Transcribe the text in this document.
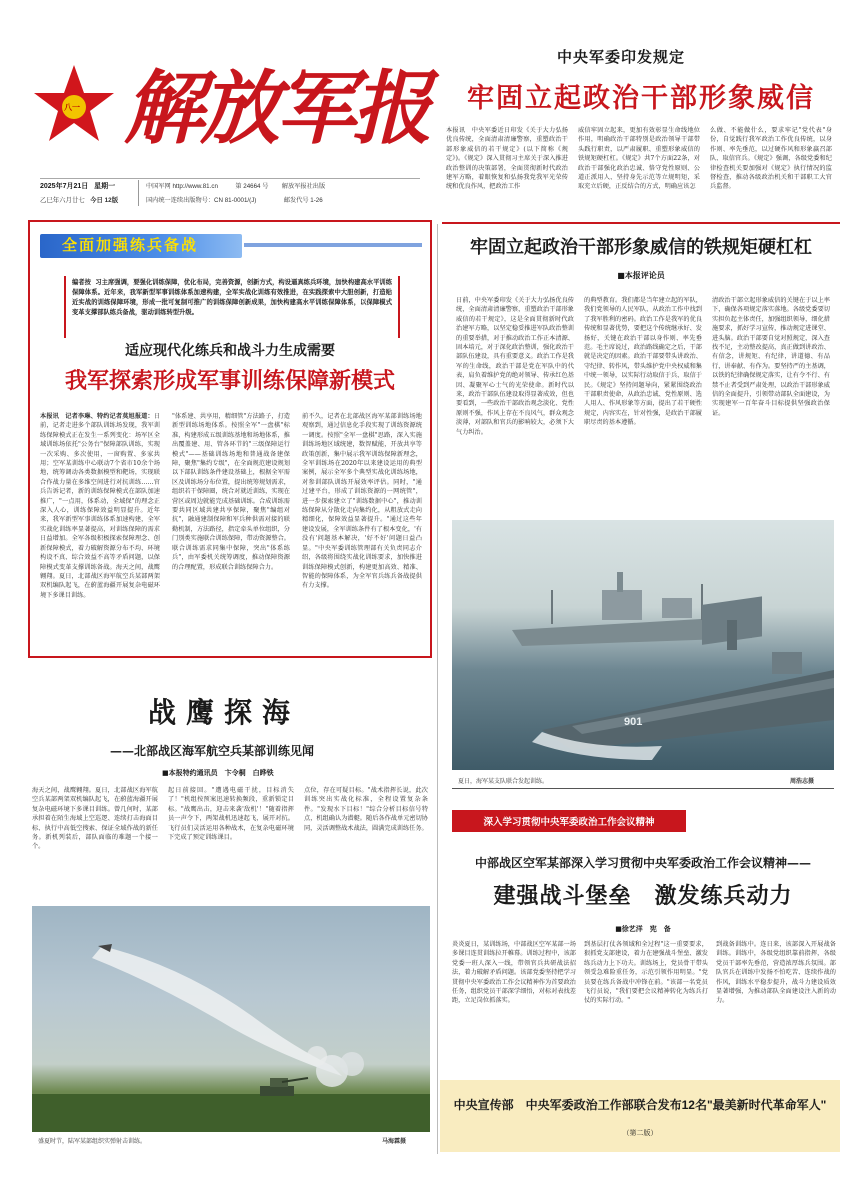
八一 解放军报
2025年7月21日 星期一
乙巳年六月廿七 今日 12版
中国军网 http://www.81.cn	第 24664 号 解放军报社出版
国内统一连续出版物号：CN 81-0001/(J)	邮发代号 1-26
中央军委印发规定
牢固立起政治干部形象威信
本报讯　中央军委近日印发《关于大力弘扬优良传统，全面清肃清廉警察，重塑政治干部形象威信的若干规定》(以下简称《规定》)。《规定》深入贯彻习主席关于深入推进政治整训的决策部署，全面贯彻新时代政治建军方略，着眼恢复和弘扬我党我军光荣传统和优良作风，把政治工作
威信牢固立起来，更加有效彰显生命线地位作用，明确政治干部特别是政治领导干部带头践行职责，以严肃履职、重塑形象威信的铁规矩硬杠杠。《规定》共7个方面22条，对政治干部强化政治忠诚、恪守党性原则、公道正派用人、坚持身先示范等立规明矩，采取充立后硬，正反结合的方式，明确应该怎
么做、不能做什么，要求牢记"党代表"身份，自觉践行我军政治工作优良传统，以身作则、率先垂范，以过硬作风和形象赢召部队、取信官兵。《规定》强调，各级党委和纪律检查机关要加强对《规定》执行情况的监督检查，推动各级政治机关和干部职工大官兵监督。
全面加强练兵备战
编者按 习主席强调，要强化训练保障，优化布局，完善资源，创新方式，构设逼真练兵环境，加快构建高水平训练保障体系。近年来，我军新型军事训练体系加速构建，全军实战化训练有效推进，在实践探索中大胆创新，打造贴近实战的训练保障环境，形成一批可复制可推广的训练保障创新成果，加快构建高水平训练保障体系，以保障模式变革支撑部队练兵备战，驱动训练转型升级。
适应现代化练兵和战斗力生成需要
我军探索形成军事训练保障新模式
本报讯　记者李琳、特约记者莫旭报道：日前，记者走进多个部队训练场发现，我军训练保障模式正在发生一系列变化：场军区全域训练场依托"公务台"保障部队训练，实现一次采购、多次使用，一窗购置、多家共用；空军某训练中心联动7个省市10余个场地，统筹调动各类数据模型和靶场，实现联合作战力量在多维空间进行对抗训练……官兵告诉记者，新的训练保障模式在部队加速推广，"一点用，体系动，全域保"的理念正深入人心，训练保障效益明显提升。近年来，我军新型军事训练体系加速构建，全军实战化训练率显著提高，对训练保障的需求日益增加。全军各级积极探索保障理念、创新保障模式，着力破解资源分布不均、环境构设不真、综合效益不高等矛盾问题，以保障模式变革支撑训练备战。海天之间，战鹰翱翔。夏日，北部战区海军航空兵某部两架双机编队起飞，在蔚蓝海疆开展复杂电磁环境下多课目训练。
"体系建、共享用，精细管"方法路子，打造新型训练场地体系。按照全军"一盘棋"标准，构建形成五级训练基地和场地体系，推出覆盖建、用、管各环节的"三级保障运行模式"——基础训练场地和普通战备建保障，聚焦"集约专级"，在全面规范建设规划以下部队训练条件建设基础上，根据全军需区及训练场分布位置，提出统筹规划需求，组织若干保障圈，统合对就近训练，实现在营区或周边就能完成基础训练。合成训练需要共同区域共建共享保障，聚焦"编组对抗"，融通建制保障和军兵种供需对接的联勤机制，方法路径，指定牵头单位组织，分门别类实施联合训练保障，带动资源整合。联合训练需求同集中保障，突出"体系练兵"，由军委机关统筹调度，推动保障资源的合理配置，形成联合训练保障合力。
前不久，记者在北部战区海军某部训练场地观察到，通过信息化手段实现了训练资源统一调度。按照"全军一盘棋"思路，深入实施训练场地区域统建，数智赋能，开放共享等政策创新，集中展示我军训练保障新理念，全军训练场在2020年以来建设运用的典型案例，展示全军多个典型实战化训练场地，对参训部队训练开展效率评估。同时，"通过建平台，形成了训练资源的一网统管"，进一步探索建立了"训练数据中心"，推动训练保障从分散化走向集约化，从粗放式走向精细化，保障效益显著提升。"通过这些年建设发展，全军训练条件有了根本变化，'有没有'问题基本解决，'好不好'问题日益凸显。"中央军委训练管理部有关负责同志介绍，各级将围绕实战化训练要求，加快推进训练保障模式创新，构建更加高效、精准、智能的保障体系，为全军官兵练兵备战提供有力支撑。
牢固立起政治干部形象威信的铁规矩硬杠杠
■本报评论员
日前，中央军委印发《关于大力弘扬优良传统，全面清肃清廉警察，重塑政治干部形象威信的若干规定》，这是全面贯彻新时代政治建军方略，以坚定稳妥推进军队政治整训的重要举措，对于推动政治工作正本清源、固本培元，对于深化政治整训，强化政治干部队伍建设，具有重要意义。政治工作是我军的生命线，政治干部是党在军队中的代表，肩负着维护党的绝对领导、传承红色基因、凝聚军心士气的光荣使命。新时代以来，政治干部队伍建设取得显著成效，但也要看到，一些政治干部政治观念淡化、党性原则不强，作风上存在不良风气，群众观念淡薄，对部队和官兵的影响较大，必须下大气力纠治。
的典型教育。我们都是当年建立起的军队，我们党领导的人民军队，从政治工作中找到了我军胜利的密码。政治工作是我军的优良传统和显著优势，要把这个传统继承好、发扬好，关键在政治干部以身作则、率先垂范。毛主席说过，政治路线确定之后，干部就是决定的因素。政治干部要带头讲政治、守纪律、转作风，带头维护党中央权威和集中统一领导，以实际行动取信于兵、取信于民。《规定》坚持问题导向，紧紧围绕政治干部职责使命，从政治忠诚、党性原则、选人用人、作风形象等方面，提出了若干硬性规定，内容实在，针对性强，是政治干部履职尽责的基本遵循。
清政治干部立起形象威信的关键在于以上率下，确保各项规定落实落地。各级党委要切实担负起主体责任，加强组织领导，细化措施要求，抓好学习宣传，推动规定进课堂、进头脑。政治干部要自觉对照规定，深入查找不足，主动整改提高，真正做到讲政治、有信念，讲规矩、有纪律，讲道德、有品行，讲奉献、有作为。要坚持严的主基调，以铁的纪律确保规定落实，让有令不行、有禁不止者受到严肃处理，以政治干部形象威信的全面提升，引领带动部队全面建设，为实现建军一百年奋斗目标提供坚强政治保证。
901
夏日，海军某支队联合发起训练。	周浩志摄
战鹰探海
——北部战区海军航空兵某部训练见闻
■本报特约通讯员　卞令桐　白晔铁
海天之间，战鹰翱翔。夏日，北部战区海军航空兵某部两架双机编队起飞，在蔚蓝海疆开展复杂电磁环境下多课目训练。曾几何时，某部承担着在陌生海域上空巡逻、连续打击海面目标、执行中高低空搜索、保证全域作战的新任务。新机列装后，部队面临的难题一个接一个。
起日前接回。"遭遇电磁干扰，目标消失了！"机组按预案迅速转换频段，重新锁定目标。"战鹰出击，迎击来袭'敌机'！"随着指挥员一声令下，两架战机迅速起飞，展开对抗。飞行员们灵活运用各种战术，在复杂电磁环境下完成了预定训练课目。
点位，存在可疑目标。"战术指挥长说，此次训练突出实战化标准，全程设置复杂条件。"发现水下目标！"综合分析目标信号特点，机组确认为潜艇。随后各作战单元密切协同，灵活调整战术战法，圆满完成训练任务。
盛夏时节，陆军某部组织实弹射击训练。	马海霖摄
深入学习贯彻中央军委政治工作会议精神
中部战区空军某部深入学习贯彻中央军委政治工作会议精神——
建强战斗堡垒　激发练兵动力
■徐艺洋　宪　备
炎炎夏日，某训练场，中部战区空军某部一场多课目连贯训练拉开帷幕。训练过程中，该部党委一班人深入一线，带领官兵共研战法招法，着力破解矛盾问题。该部党委坚持把学习贯彻中央军委政治工作会议精神作为首要政治任务，组织党员干部深学细悟，对标对表找差距，立足岗位抓落实。
到基层打仗各领域和全过程"这一重要要求，狠抓党支部建设，着力在建强战斗堡垒、激发练兵动力上下功夫。训练场上，党员骨干带头领受急难险重任务，示范引领作用明显。"党员要在练兵备战中冲锋在前。"该部一名党员飞行员说，"我们要把会议精神转化为练兵打仗的实际行动。"
到战备训练中。连日来，该部深入开展战备训练。训练中，各级党组织靠前指挥，各级党员干部率先垂范，营造浓厚练兵氛围。部队官兵在训练中发扬不怕吃苦、连续作战的作风，训练水平稳步提升，战斗力建设质效显著增强，为推动部队全面建设注入新的动力。
中央宣传部　中央军委政治工作部联合发布12名"最美新时代革命军人"
（第二版）
